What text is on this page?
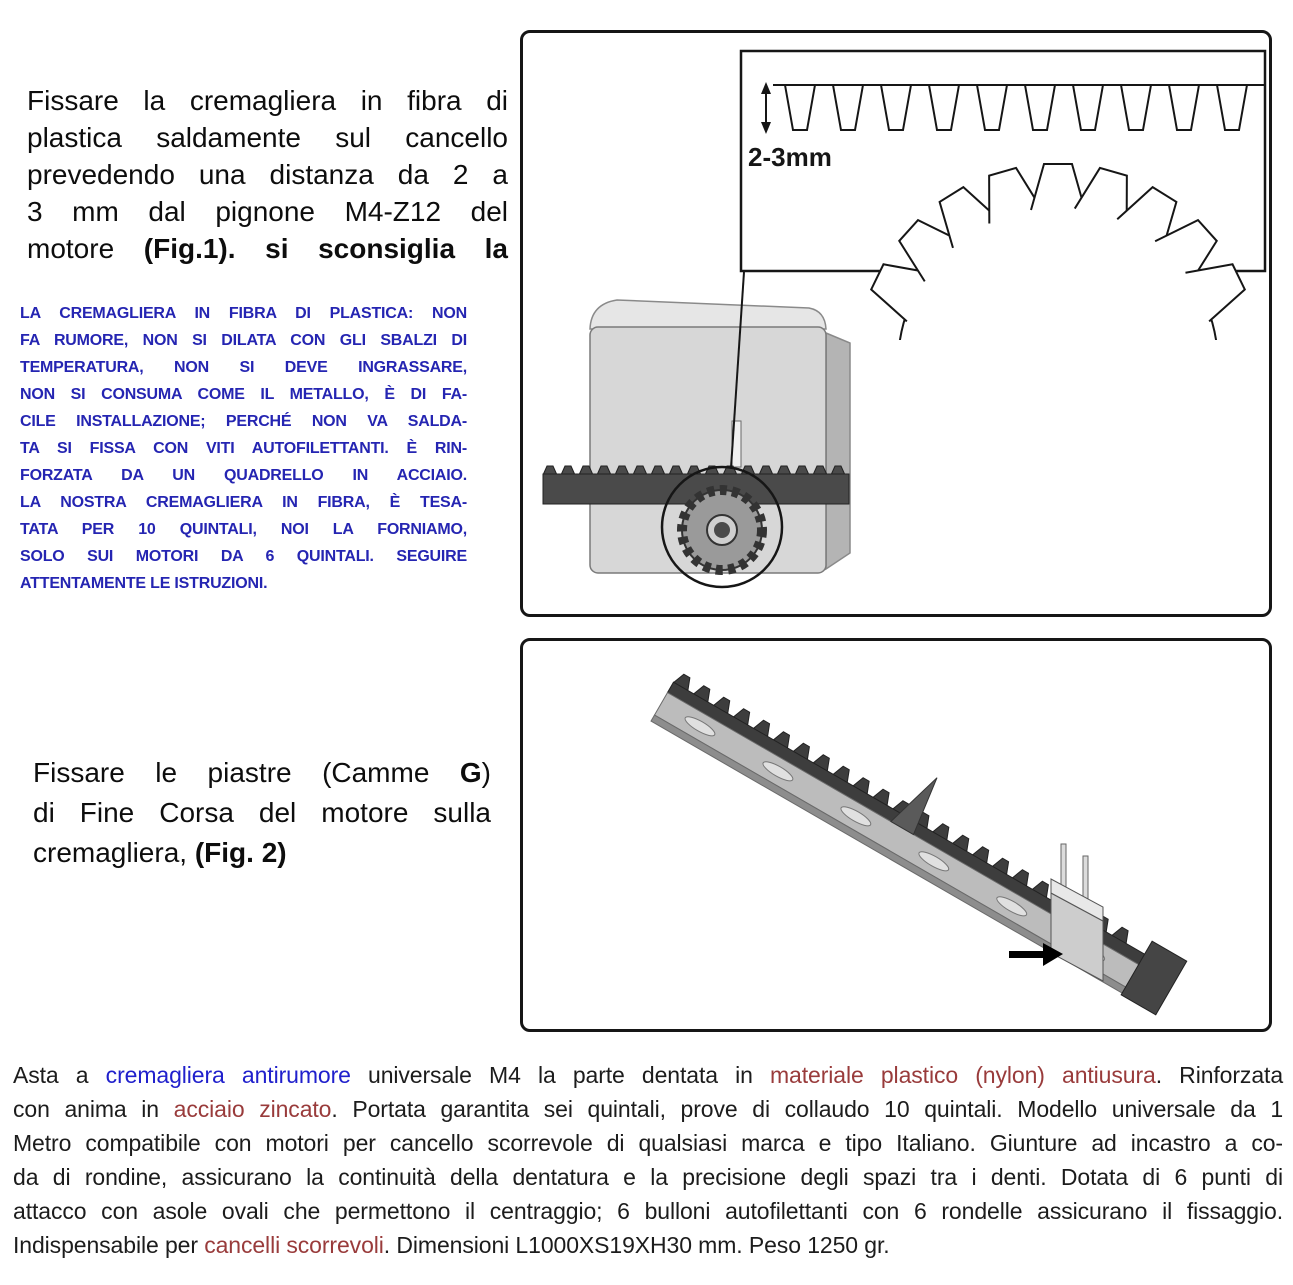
Fissare la cremagliera in fibra di
plastica saldamente sul cancello
prevedendo una distanza da 2 a
3 mm dal pignone M4-Z12 del
motore (Fig.1). si sconsiglia la
LA CREMAGLIERA IN FIBRA DI PLASTICA: NON
FA RUMORE, NON SI DILATA CON GLI SBALZI DI
TEMPERATURA, NON SI DEVE INGRASSARE,
NON SI CONSUMA COME IL METALLO, È DI FA-
CILE INSTALLAZIONE; PERCHÉ NON VA SALDA-
TA SI FISSA CON VITI AUTOFILETTANTI. È RIN-
FORZATA DA UN QUADRELLO IN ACCIAIO.
LA NOSTRA CREMAGLIERA IN FIBRA, È TESA-
TATA PER 10 QUINTALI, NOI LA FORNIAMO,
SOLO SUI MOTORI DA 6 QUINTALI. SEGUIRE
ATTENTAMENTE LE ISTRUZIONI.
Fissare le piastre (Camme G)
di Fine Corsa del motore sulla
cremagliera, (Fig. 2)
2-3mm
Asta a cremagliera antirumore universale M4 la parte dentata in materiale plastico (nylon) antiusura. Rinforzata
con anima in acciaio zincato. Portata garantita sei quintali, prove di collaudo 10 quintali. Modello universale da 1
Metro compatibile con motori per cancello scorrevole di qualsiasi marca e tipo Italiano. Giunture ad incastro a co-
da di rondine, assicurano la continuità della dentatura e la precisione degli spazi tra i denti. Dotata di 6 punti di
attacco con asole ovali che permettono il centraggio; 6 bulloni autofilettanti con 6 rondelle assicurano il fissaggio.
Indispensabile per cancelli scorrevoli. Dimensioni L1000XS19XH30 mm. Peso 1250 gr.
